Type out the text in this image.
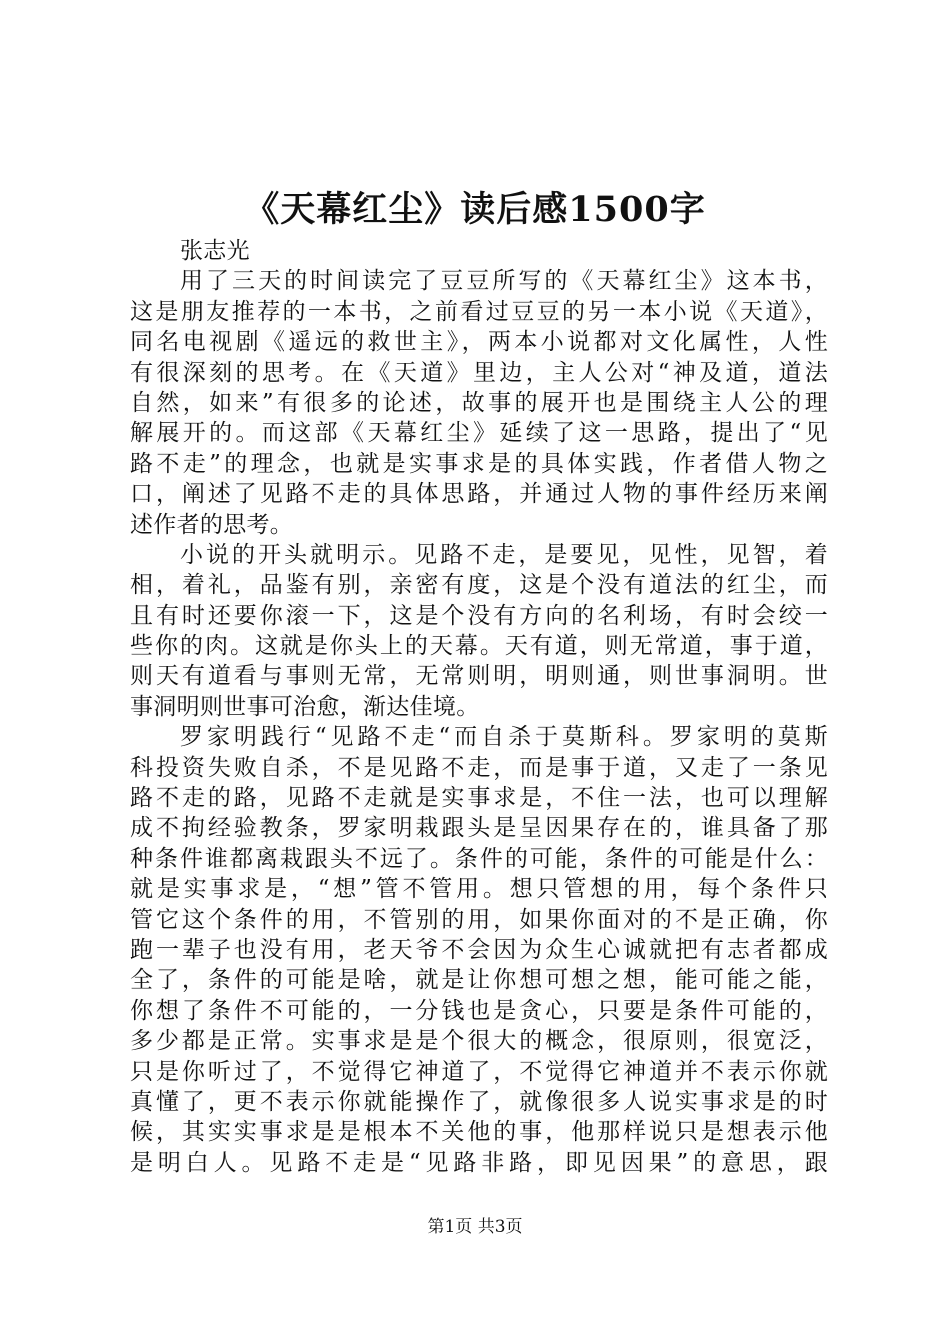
《天幕红尘》读后感1500字
张志光
用了三天的时间读完了豆豆所写的《天幕红尘》这本书，
这是朋友推荐的一本书，之前看过豆豆的另一本小说《天道》，
同名电视剧《遥远的救世主》，两本小说都对文化属性，人性
有很深刻的思考。在《天道》里边，主人公对“神及道，道法
自然，如来”有很多的论述，故事的展开也是围绕主人公的理
解展开的。而这部《天幕红尘》延续了这一思路，提出了“见
路不走”的理念，也就是实事求是的具体实践，作者借人物之
口，阐述了见路不走的具体思路，并通过人物的事件经历来阐
述作者的思考。
小说的开头就明示。见路不走，是要见，见性，见智，着
相，着礼，品鉴有别，亲密有度，这是个没有道法的红尘，而
且有时还要你滚一下，这是个没有方向的名利场，有时会绞一
些你的肉。这就是你头上的天幕。天有道，则无常道，事于道，
则天有道看与事则无常，无常则明，明则通，则世事洞明。世
事洞明则世事可治愈，渐达佳境。
罗家明践行“见路不走“而自杀于莫斯科。罗家明的莫斯
科投资失败自杀，不是见路不走，而是事于道，又走了一条见
路不走的路，见路不走就是实事求是，不住一法，也可以理解
成不拘经验教条，罗家明栽跟头是呈因果存在的，谁具备了那
种条件谁都离栽跟头不远了。条件的可能，条件的可能是什么：
就是实事求是，“想”管不管用。想只管想的用，每个条件只
管它这个条件的用，不管别的用，如果你面对的不是正确，你
跑一辈子也没有用，老天爷不会因为众生心诚就把有志者都成
全了，条件的可能是啥，就是让你想可想之想，能可能之能，
你想了条件不可能的，一分钱也是贪心，只要是条件可能的，
多少都是正常。实事求是是个很大的概念，很原则，很宽泛，
只是你听过了，不觉得它神道了，不觉得它神道并不表示你就
真懂了，更不表示你就能操作了，就像很多人说实事求是的时
候，其实实事求是是根本不关他的事，他那样说只是想表示他
是明白人。见路不走是“见路非路，即见因果”的意思，跟
第1页 共3页
